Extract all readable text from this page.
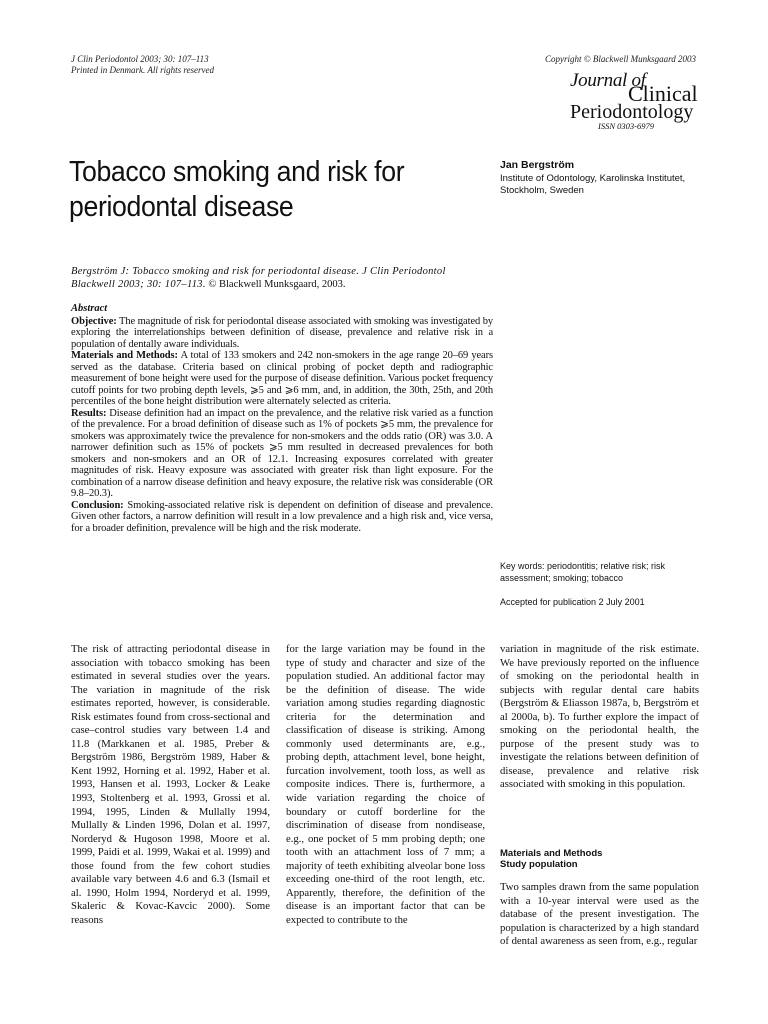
J Clin Periodontol 2003; 30: 107–113
Printed in Denmark. All rights reserved
Copyright © Blackwell Munksgaard 2003
Journal of
Clinical
Periodontology
ISSN 0303-6979
Tobacco smoking and risk for
periodontal disease
Jan Bergström
Institute of Odontology, Karolinska Institutet,
Stockholm, Sweden
Bergström J: Tobacco smoking and risk for periodontal disease. J Clin Periodontol Blackwell 2003; 30: 107–113. © Blackwell Munksgaard, 2003.
Abstract

Objective: The magnitude of risk for periodontal disease associated with smoking was investigated by exploring the interrelationships between definition of disease, prevalence and relative risk in a population of dentally aware individuals.

Materials and Methods: A total of 133 smokers and 242 non-smokers in the age range 20–69 years served as the database. Criteria based on clinical probing of pocket depth and radiographic measurement of bone height were used for the purpose of disease definition. Various pocket frequency cutoff points for two probing depth levels, ⩾5 and ⩾6 mm, and, in addition, the 30th, 25th, and 20th percentiles of the bone height distribution were alternately selected as criteria.

Results: Disease definition had an impact on the prevalence, and the relative risk varied as a function of the prevalence. For a broad definition of disease such as 1% of pockets ⩾5 mm, the prevalence for smokers was approximately twice the prevalence for non-smokers and the odds ratio (OR) was 3.0. A narrower definition such as 15% of pockets ⩾5 mm resulted in decreased prevalences for both smokers and non-smokers and an OR of 12.1. Increasing exposures correlated with greater magnitudes of risk. Heavy exposure was associated with greater risk than light exposure. For the combination of a narrow disease definition and heavy exposure, the relative risk was considerable (OR 9.8–20.3).

Conclusion: Smoking-associated relative risk is dependent on definition of disease and prevalence. Given other factors, a narrow definition will result in a low prevalence and a high risk and, vice versa, for a broader definition, prevalence will be high and the risk moderate.

Key words: periodontitis; relative risk; risk assessment; smoking; tobacco
Accepted for publication 2 July 2001
The risk of attracting periodontal disease in association with tobacco smoking has been estimated in several studies over the years. The variation in magnitude of the risk estimates reported, however, is considerable. Risk estimates found from cross-sectional and case–control studies vary between 1.4 and 11.8 (Markkanen et al. 1985, Preber & Bergström 1986, Bergström 1989, Haber & Kent 1992, Horning et al. 1992, Haber et al. 1993, Hansen et al. 1993, Locker & Leake 1993, Stoltenberg et al. 1993, Grossi et al. 1994, 1995, Linden & Mullally 1994, Mullally & Linden 1996, Dolan et al. 1997, Norderyd & Hugoson 1998, Moore et al. 1999, Paidi et al. 1999, Wakai et al. 1999) and those found from the few cohort studies available vary between 4.6 and 6.3 (Ismail et al. 1990, Holm 1994, Norderyd et al. 1999, Skaleric & Kovac-Kavcic 2000). Some reasons
for the large variation may be found in the type of study and character and size of the population studied. An additional factor may be the definition of disease. The wide variation among studies regarding diagnostic criteria for the determination and classification of disease is striking. Among commonly used determinants are, e.g., probing depth, attachment level, bone height, furcation involvement, tooth loss, as well as composite indices. There is, furthermore, a wide variation regarding the choice of boundary or cutoff borderline for the discrimination of disease from nondisease, e.g., one pocket of 5 mm probing depth; one tooth with an attachment loss of 7 mm; a majority of teeth exhibiting alveolar bone loss exceeding one-third of the root length, etc. Apparently, therefore, the definition of the disease is an important factor that can be expected to contribute to the
variation in magnitude of the risk estimate. We have previously reported on the influence of smoking on the periodontal health in subjects with regular dental care habits (Bergström & Eliasson 1987a, b, Bergström et al 2000a, b). To further explore the impact of smoking on the periodontal health, the purpose of the present study was to investigate the relations between definition of disease, prevalence and relative risk associated with smoking in this population.
Materials and Methods
Study population
Two samples drawn from the same population with a 10-year interval were used as the database of the present investigation. The population is characterized by a high standard of dental awareness as seen from, e.g., regular
